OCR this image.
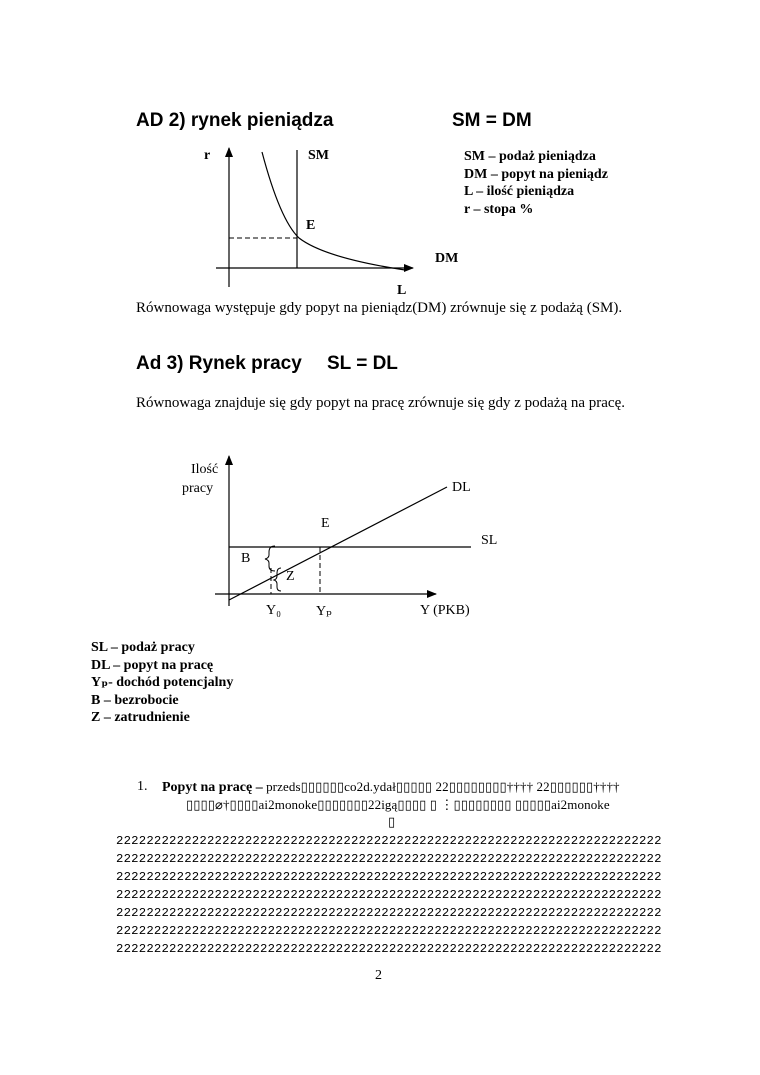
AD 2) rynek pieniądza	SM = DM
r	SM
E
DM
L
SM – podaż pieniądza
DM – popyt na pieniądz
L – ilość pieniądza
r – stopa %
Równowaga występuje gdy popyt na pieniądz(DM) zrównuje się z podażą (SM).
Ad 3) Rynek pracy SL = DL
Równowaga znajduje się gdy popyt na pracę zrównuje się gdy z podażą na pracę.
Ilość
pracy	DL
SL
E
B
Z
Y₀	Yₚ	Y (PKB)
SL – podaż pracy
DL – popyt na pracę
Yₚ- dochód potencjalny
B – bezrobocie
Z – zatrudnienie
1. Popyt na pracę – przeds▯▯▯▯▯▯co2d.ydał▯▯▯▯▯ 22▯▯▯▯▯▯▯▯†††† 22▯▯▯▯▯▯††††
▯▯▯▯⌀†▯▯▯▯ai2monoke▯▯▯▯▯▯▯22igą▯▯▯▯ ▯ ⋮▯▯▯▯▯▯▯▯ ▯▯▯▯▯ai2monoke
▯
222222222222222222222222222222222222222222222222222222222222222222222222
222222222222222222222222222222222222222222222222222222222222222222222222
222222222222222222222222222222222222222222222222222222222222222222222222
222222222222222222222222222222222222222222222222222222222222222222222222
222222222222222222222222222222222222222222222222222222222222222222222222
222222222222222222222222222222222222222222222222222222222222222222222222
222222222222222222222222222222222222222222222222222222222222222222222222
2
